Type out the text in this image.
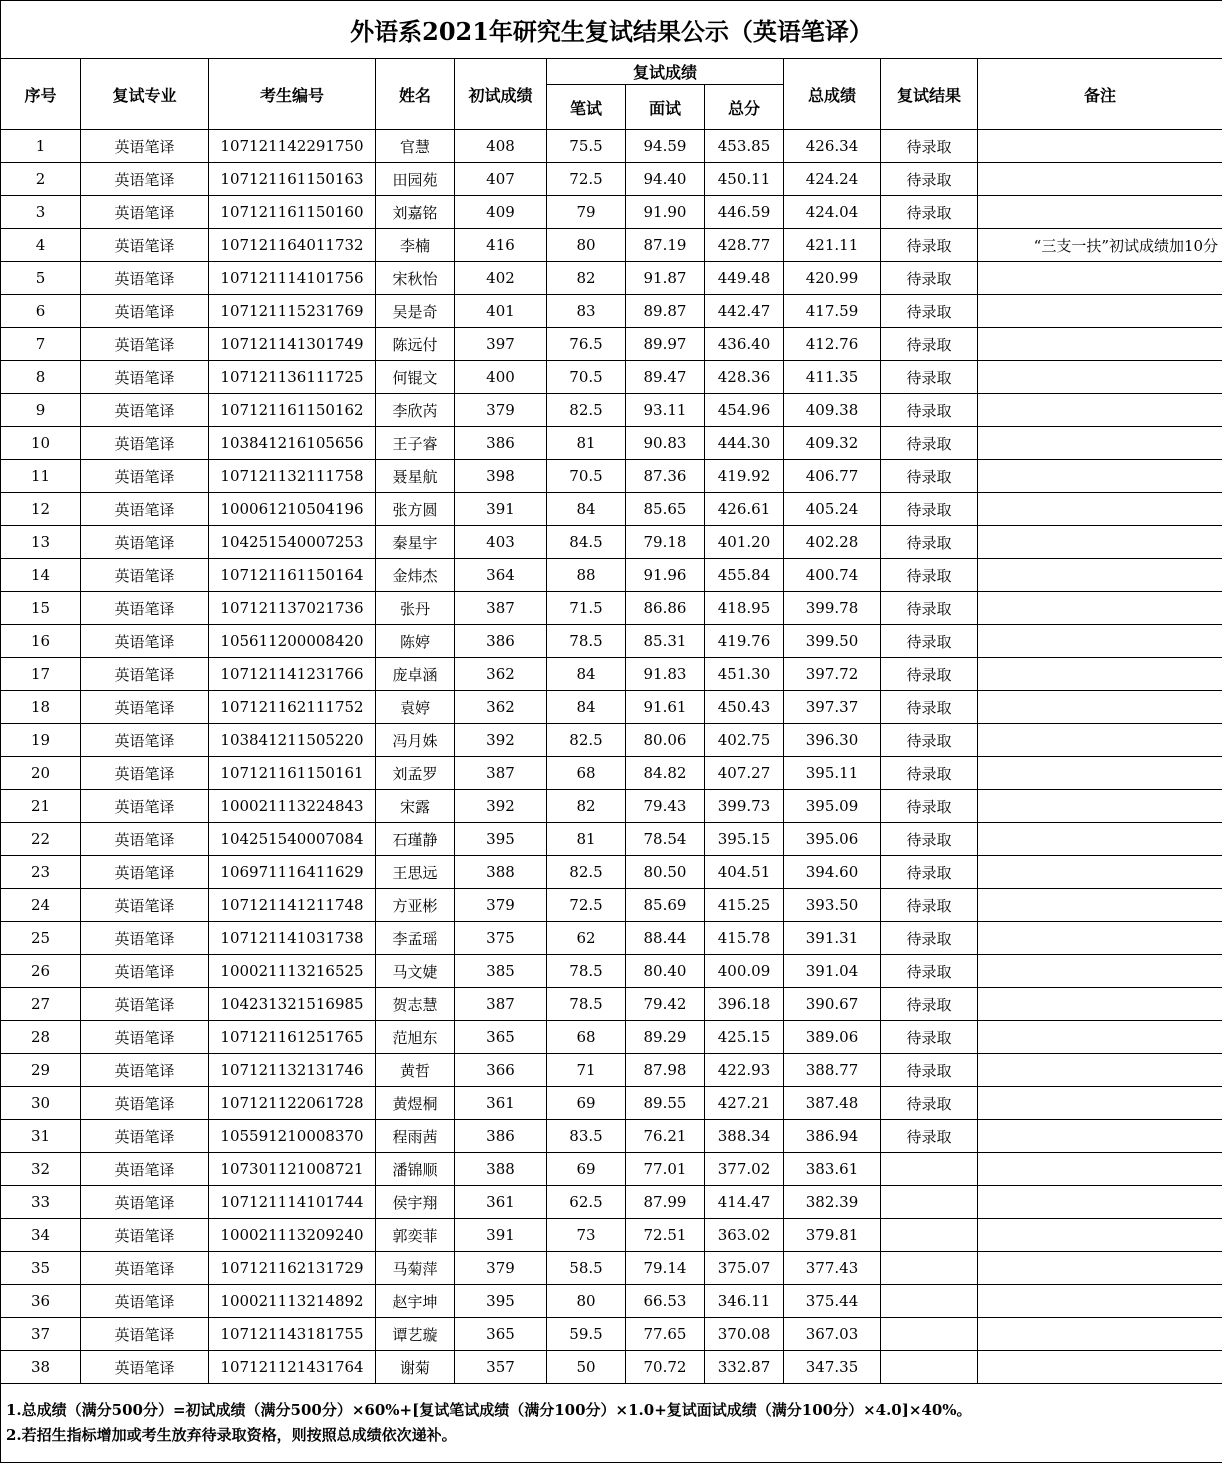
外语系2021年研究生复试结果公示（英语笔译）										
序号	复试专业	考生编号	姓名	初试成绩	复试成绩			总成绩	复试结果	备注
					笔试	面试	总分			
1	英语笔译	107121142291750	官慧	408	75.5	94.59	453.85	426.34	待录取	
2	英语笔译	107121161150163	田园苑	407	72.5	94.40	450.11	424.24	待录取	
3	英语笔译	107121161150160	刘嘉铭	409	79	91.90	446.59	424.04	待录取	
4	英语笔译	107121164011732	李楠	416	80	87.19	428.77	421.11	待录取	“三支一扶”初试成绩加10分
5	英语笔译	107121114101756	宋秋怡	402	82	91.87	449.48	420.99	待录取	
6	英语笔译	107121115231769	吴是奇	401	83	89.87	442.47	417.59	待录取	
7	英语笔译	107121141301749	陈远付	397	76.5	89.97	436.40	412.76	待录取	
8	英语笔译	107121136111725	何锟文	400	70.5	89.47	428.36	411.35	待录取	
9	英语笔译	107121161150162	李欣芮	379	82.5	93.11	454.96	409.38	待录取	
10	英语笔译	103841216105656	王子睿	386	81	90.83	444.30	409.32	待录取	
11	英语笔译	107121132111758	聂星航	398	70.5	87.36	419.92	406.77	待录取	
12	英语笔译	100061210504196	张方圆	391	84	85.65	426.61	405.24	待录取	
13	英语笔译	104251540007253	秦星宇	403	84.5	79.18	401.20	402.28	待录取	
14	英语笔译	107121161150164	金炜杰	364	88	91.96	455.84	400.74	待录取	
15	英语笔译	107121137021736	张丹	387	71.5	86.86	418.95	399.78	待录取	
16	英语笔译	105611200008420	陈婷	386	78.5	85.31	419.76	399.50	待录取	
17	英语笔译	107121141231766	庞卓涵	362	84	91.83	451.30	397.72	待录取	
18	英语笔译	107121162111752	袁婷	362	84	91.61	450.43	397.37	待录取	
19	英语笔译	103841211505220	冯月姝	392	82.5	80.06	402.75	396.30	待录取	
20	英语笔译	107121161150161	刘孟罗	387	68	84.82	407.27	395.11	待录取	
21	英语笔译	100021113224843	宋露	392	82	79.43	399.73	395.09	待录取	
22	英语笔译	104251540007084	石瑾静	395	81	78.54	395.15	395.06	待录取	
23	英语笔译	106971116411629	王思远	388	82.5	80.50	404.51	394.60	待录取	
24	英语笔译	107121141211748	方亚彬	379	72.5	85.69	415.25	393.50	待录取	
25	英语笔译	107121141031738	李孟瑶	375	62	88.44	415.78	391.31	待录取	
26	英语笔译	100021113216525	马文婕	385	78.5	80.40	400.09	391.04	待录取	
27	英语笔译	104231321516985	贺志慧	387	78.5	79.42	396.18	390.67	待录取	
28	英语笔译	107121161251765	范旭东	365	68	89.29	425.15	389.06	待录取	
29	英语笔译	107121132131746	黄哲	366	71	87.98	422.93	388.77	待录取	
30	英语笔译	107121122061728	黄煜桐	361	69	89.55	427.21	387.48	待录取	
31	英语笔译	105591210008370	程雨茜	386	83.5	76.21	388.34	386.94	待录取	
32	英语笔译	107301121008721	潘锦顺	388	69	77.01	377.02	383.61		
33	英语笔译	107121114101744	侯宇翔	361	62.5	87.99	414.47	382.39		
34	英语笔译	100021113209240	郭奕菲	391	73	72.51	363.02	379.81		
35	英语笔译	107121162131729	马菊萍	379	58.5	79.14	375.07	377.43		
36	英语笔译	100021113214892	赵宇坤	395	80	66.53	346.11	375.44		
37	英语笔译	107121143181755	谭艺璇	365	59.5	77.65	370.08	367.03		
38	英语笔译	107121121431764	谢菊	357	50	70.72	332.87	347.35		

1.总成绩（满分500分）=初试成绩（满分500分）×60%+[复试笔试成绩（满分100分）×1.0+复试面试成绩（满分100分）×4.0]×40%。
2.若招生指标增加或考生放弃待录取资格，则按照总成绩依次递补。										
